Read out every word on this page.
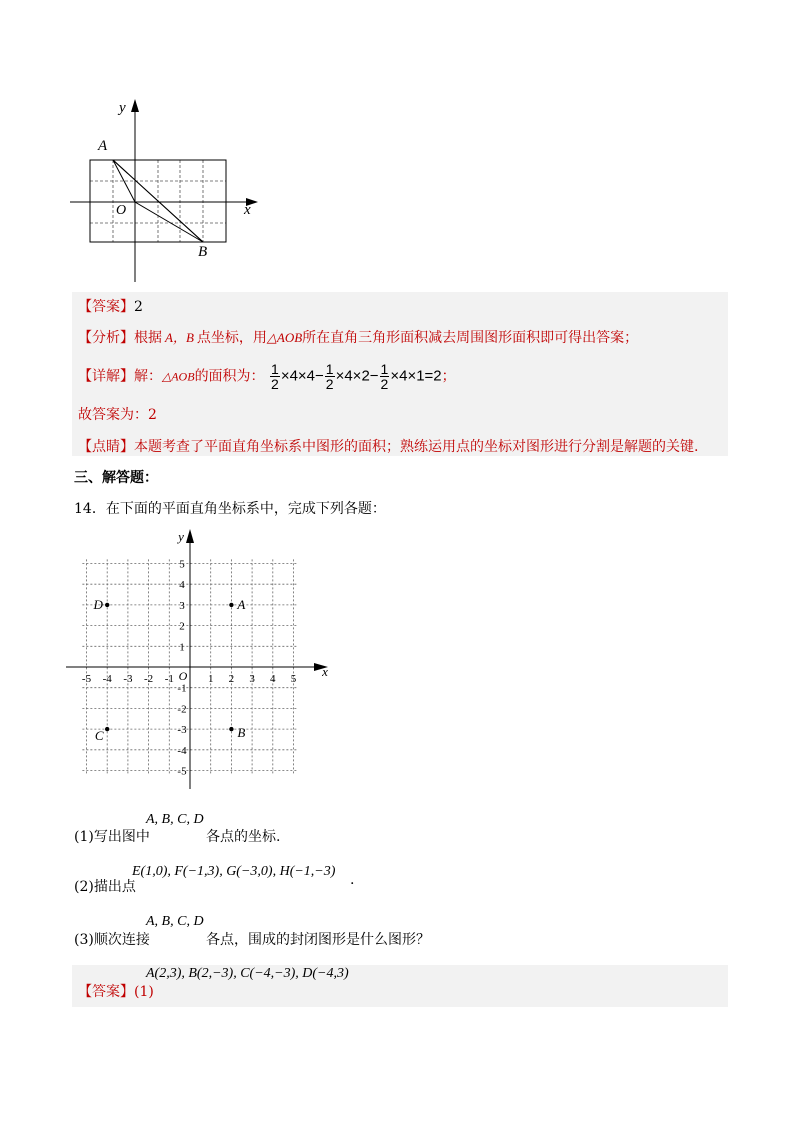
y
x
A
O
B
【答案】2
【分析】根据 A，B 点坐标，用△AOB所在直角三角形面积减去周围图形面积即可得出答案；
【详解】解：△AOB的面积为： $\frac{1}{2} \times 4\times 4- \frac{1}{2} \times 4\times 2- \frac{1}{2} \times 4\times 1=2$；
故答案为：2
【点睛】本题考查了平面直角坐标系中图形的面积；熟练运用点的坐标对图形进行分割是解题的关键.
三、解答题：
14．在下面的平面直角坐标系中，完成下列各题：
-5 -4 -3 -2 -1	1 2 3 4 5
5
4
3
2
1
-1
-2
-3
-4
-5
O	x
y
A
B
C
D
A, B, C, D
(1)写出图中	各点的坐标.
(2)描出点
E(1,0), F(−1,3), G(−3,0), H(−1,−3)
.
A, B, C, D
(3)顺次连接	各点，围成的封闭图形是什么图形？
【答案】(1)
A(2,3), B(2,−3), C(−4,−3), D(−4,3)
